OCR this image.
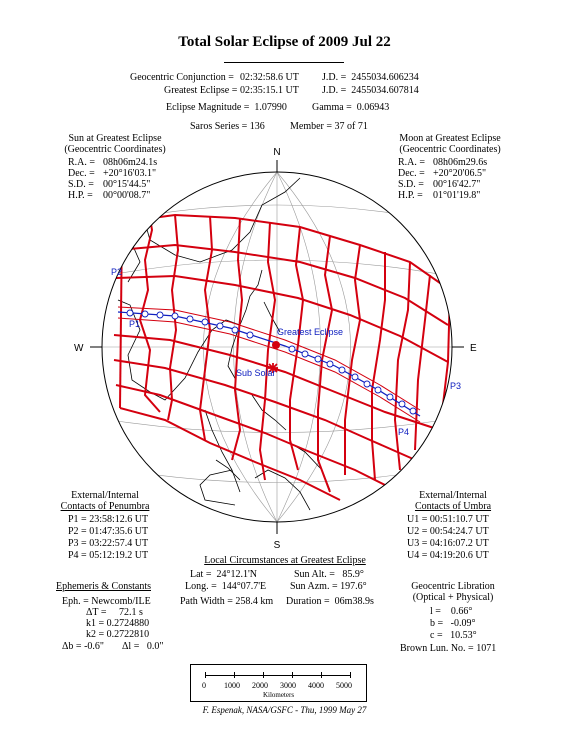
Total Solar Eclipse of 2009 Jul 22
Geocentric Conjunction = 02:32:58.6 UT J.D. =  2455034.606234
Greatest Eclipse = 02:35:15.1 UT J.D. =  2455034.607814
Eclipse Magnitude =  1.07990	Gamma =  0.06943
Saros Series = 136	Member = 37 of 71
Sun at Greatest Eclipse
(Geocentric Coordinates)
R.A. = 08h06m24.1s
Dec. = +20°16'03.1"
S.D. = 00°15'44.5"
H.P. = 00°00'08.7"
Moon at Greatest Eclipse
(Geocentric Coordinates)
R.A. = 08h06m29.6s
Dec. = +20°20'06.5"
S.D. = 00°16'42.7"
H.P. = 01°01'19.8"
N
S
W	E
Greatest Eclipse
Sub Solar
P1
P2
P3
P4
External/Internal
Contacts of Penumbra
P1 = 23:58:12.6 UT
P2 = 01:47:35.6 UT
P3 = 03:22:57.4 UT
P4 = 05:12:19.2 UT
External/Internal
Contacts of Umbra
U1 = 00:51:10.7 UT
U2 = 00:54:24.7 UT
U3 = 04:16:07.2 UT
U4 = 04:19:20.6 UT
Local Circumstances at Greatest Eclipse
Lat =  24°12.1'N
Long. =  144°07.7'E
Path Width = 258.4 km
Sun Alt. =   85.9°
Sun Azm. = 197.6°
Duration =  06m38.9s
Ephemeris & Constants
Eph. = Newcomb/ILE
ΔT =     72.1 s
k1 = 0.2724880
k2 = 0.2722810
Δb = -0.6" Δl =   0.0"
Geocentric Libration
(Optical + Physical)
l =    0.66°
b =   -0.09°
c =   10.53°
Brown Lun. No. = 1071
0 1000 2000 3000 4000 5000
Kilometers
F. Espenak, NASA/GSFC - Thu, 1999 May 27
